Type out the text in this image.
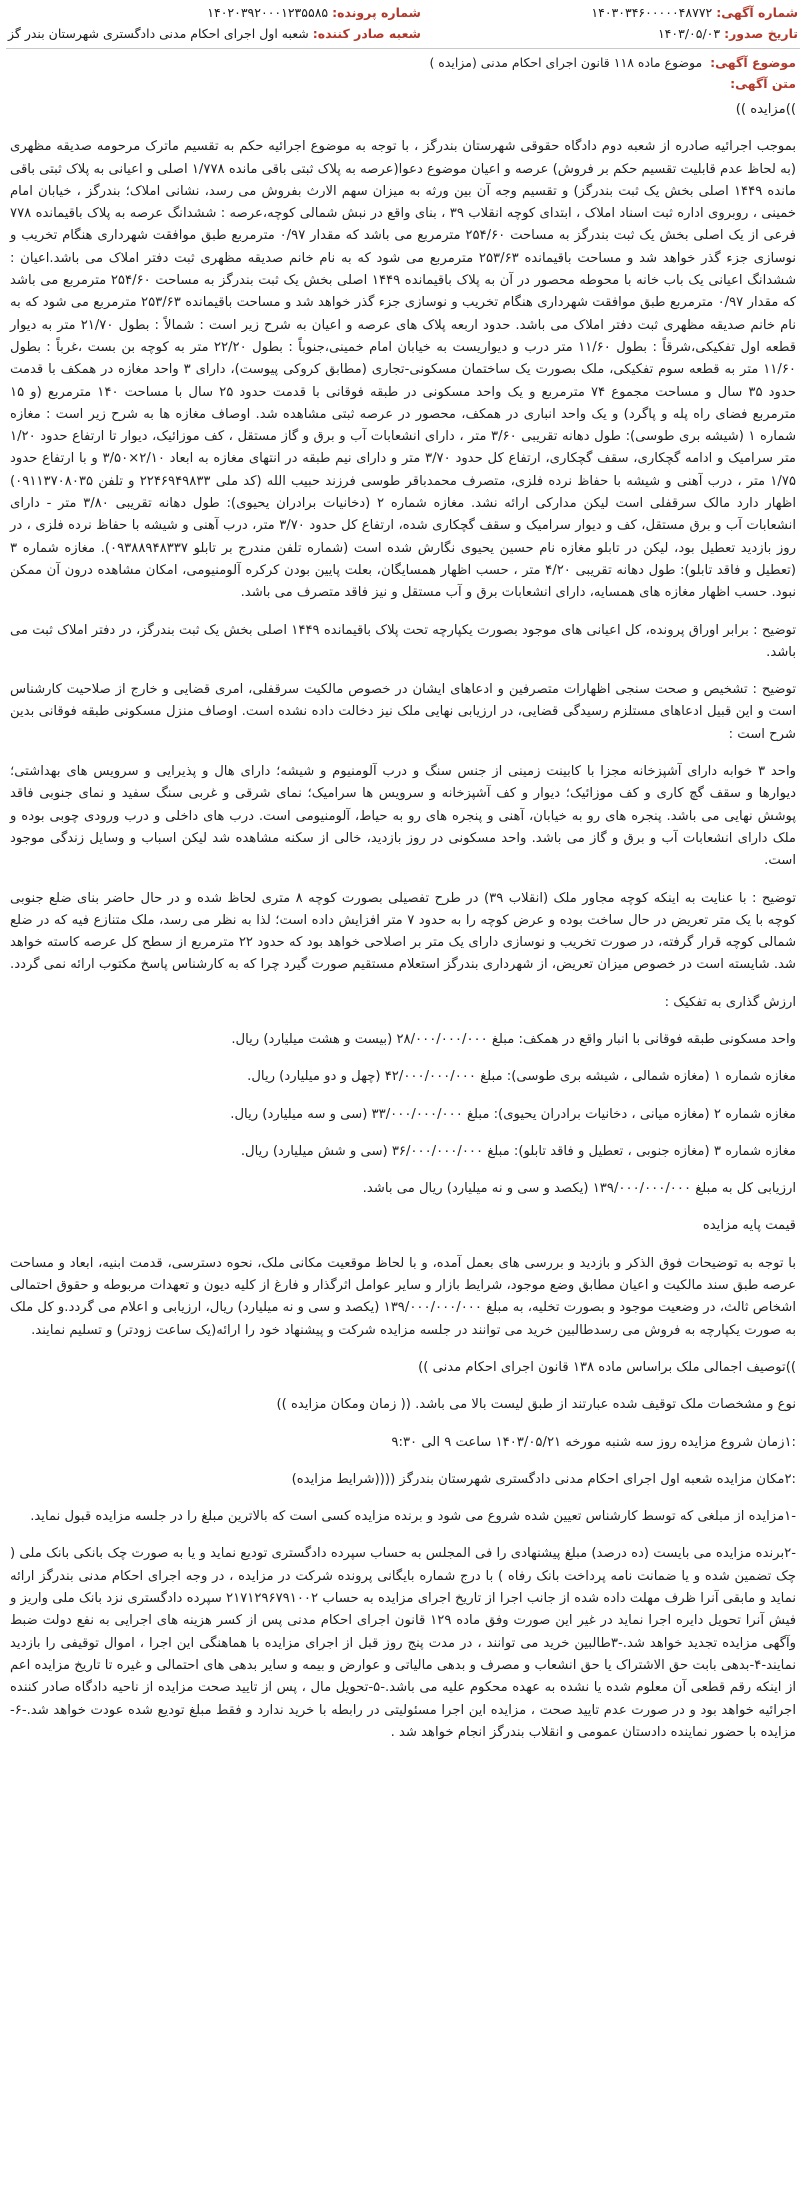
شماره آگهی: ۱۴۰۳۰۳۴۶۰۰۰۰۰۴۸۷۷۲
تاریخ صدور: ۱۴۰۳/۰۵/۰۳
شماره پرونده: ۱۴۰۲۰۳۹۲۰۰۰۱۲۳۵۵۸۵
شعبه صادر کننده: شعبه اول اجرای احکام مدنی دادگستری شهرستان بندر گز
موضوع آگهی: موضوع ماده ۱۱۸ قانون اجرای احکام مدنی (مزایده )
متن آگهی:

))مزایده ))

بموجب اجرائیه صادره از شعبه دوم دادگاه حقوقی شهرستان بندرگز ، با توجه به موضوع اجرائیه حکم به تقسیم ماترک مرحومه صدیقه مظهری (به لحاظ عدم قابلیت تقسیم حکم بر فروش) عرصه و اعیان موضوع دعوا(عرصه به پلاک ثبتی باقی مانده ۱/۷۷۸ اصلی و اعیانی به پلاک ثبتی باقی مانده ۱۴۴۹ اصلی بخش یک ثبت بندرگز) و تقسیم وجه آن بین ورثه به میزان سهم الارث بفروش می رسد، نشانی املاک؛ بندرگز ، خیابان امام خمینی ، روبروی اداره ثبت اسناد املاک ، ابتدای کوچه انقلاب ۳۹ ، بنای واقع در نبش شمالی کوچه،عرصه : ششدانگ عرصه به پلاک باقیمانده ۷۷۸ فرعی از یک اصلی بخش یک ثبت بندرگز به مساحت ۲۵۴/۶۰ مترمربع می باشد که مقدار ۰/۹۷ مترمربع طبق موافقت شهرداری هنگام تخریب و نوسازی جزء گذر خواهد شد و مساحت باقیمانده ۲۵۳/۶۳ مترمربع می شود که به نام خانم صدیقه مظهری ثبت دفتر املاک می باشد.اعیان : ششدانگ اعیانی یک باب خانه با محوطه محصور در آن به پلاک باقیمانده ۱۴۴۹ اصلی بخش یک ثبت بندرگز به مساحت ۲۵۴/۶۰ مترمربع می باشد که مقدار ۰/۹۷ مترمربع طبق موافقت شهرداری هنگام تخریب و نوسازی جزء گذر خواهد شد و مساحت باقیمانده ۲۵۳/۶۳ مترمربع می شود که به نام خانم صدیقه مظهری ثبت دفتر املاک می باشد. حدود اربعه پلاک های عرصه و اعیان به شرح زیر است : شمالاً : بطول ۲۱/۷۰ متر به دیوار قطعه اول تفکیکی،شرقاً : بطول ۱۱/۶۰ متر درب و دیواریست به خیابان امام خمینی،جنوباً : بطول ۲۲/۲۰ متر به کوچه بن بست ،غرباً : بطول ۱۱/۶۰ متر به قطعه سوم تفکیکی، ملک بصورت یک ساختمان مسکونی-تجاری (مطابق کروکی پیوست)، دارای ۳ واحد مغازه در همکف با قدمت حدود ۳۵ سال و مساحت مجموع ۷۴ مترمربع و یک واحد مسکونی در طبقه فوقانی با قدمت حدود ۲۵ سال با مساحت ۱۴۰ مترمربع (و ۱۵ مترمربع فضای راه پله و پاگرد) و یک واحد انباری در همکف، محصور در عرصه ثبتی مشاهده شد. اوصاف مغازه ها به شرح زیر است : مغازه شماره ۱ (شیشه بری طوسی): طول دهانه تقریبی ۳/۶۰ متر ، دارای انشعابات آب و برق و گاز مستقل ، کف موزائیک، دیوار تا ارتفاع حدود ۱/۲۰ متر سرامیک و ادامه گچکاری، سقف گچکاری، ارتفاع کل حدود ۳/۷۰ متر و دارای نیم طبقه در انتهای مغازه به ابعاد ۲/۱۰×۳/۵۰ و با ارتفاع حدود ۱/۷۵ متر ، درب آهنی و شیشه با حفاظ نرده فلزی، متصرف محمدباقر طوسی فرزند حبیب الله (کد ملی ۲۲۴۶۹۴۹۸۳۳ و تلفن ۰۹۱۱۳۷۰۸۰۳۵) اظهار دارد مالک سرقفلی است لیکن مدارکی ارائه نشد. مغازه شماره ۲ (دخانیات برادران یحیوی): طول دهانه تقریبی ۳/۸۰ متر - دارای انشعابات آب و برق مستقل، کف و دیوار سرامیک و سقف گچکاری شده، ارتفاع کل حدود ۳/۷۰ متر، درب آهنی و شیشه با حفاظ نرده فلزی ، در روز بازدید تعطیل بود، لیکن در تابلو مغازه نام حسین یحیوی نگارش شده است (شماره تلفن مندرج بر تابلو ۰۹۳۸۸۹۴۸۳۳۷). مغازه شماره ۳ (تعطیل و فاقد تابلو): طول دهانه تقریبی ۴/۲۰ متر ، حسب اظهار همسایگان، بعلت پایین بودن کرکره آلومنیومی، امکان مشاهده درون آن ممکن نبود. حسب اظهار مغازه های همسایه، دارای انشعابات برق و آب مستقل و نیز فاقد متصرف می باشد.

توضیح : برابر اوراق پرونده، کل اعیانی های موجود بصورت یکپارچه تحت پلاک باقیمانده ۱۴۴۹ اصلی بخش یک ثبت بندرگز، در دفتر املاک ثبت می باشد.

توضیح : تشخیص و صحت سنجی اظهارات متصرفین و ادعاهای ایشان در خصوص مالکیت سرقفلی، امری قضایی و خارج از صلاحیت کارشناس است و این قبیل ادعاهای مستلزم رسیدگی قضایی، در ارزیابی نهایی ملک نیز دخالت داده نشده است. اوصاف منزل مسکونی طبقه فوقانی بدین شرح است :

واحد ۳ خوابه دارای آشپزخانه مجزا با کابینت زمینی از جنس سنگ و درب آلومنیوم و شیشه؛ دارای هال و پذیرایی و سرویس های بهداشتی؛ دیوارها و سقف گچ کاری و کف موزائیک؛ دیوار و کف آشپزخانه و سرویس ها سرامیک؛ نمای شرقی و غربی سنگ سفید و نمای جنوبی فاقد پوشش نهایی می باشد. پنجره های رو به خیابان، آهنی و پنجره های رو به حیاط، آلومنیومی است. درب های داخلی و درب ورودی چوبی بوده و ملک دارای انشعابات آب و برق و گاز می باشد. واحد مسکونی در روز بازدید، خالی از سکنه مشاهده شد لیکن اسباب و وسایل زندگی موجود است.

توضیح : با عنایت به اینکه کوچه مجاور ملک (انقلاب ۳۹) در طرح تفصیلی بصورت کوچه ۸ متری لحاظ شده و در حال حاضر بنای ضلع جنوبی کوچه با یک متر تعریض در حال ساخت بوده و عرض کوچه را به حدود ۷ متر افزایش داده است؛ لذا به نظر می رسد، ملک متنازع فیه که در ضلع شمالی کوچه قرار گرفته، در صورت تخریب و نوسازی دارای یک متر بر اصلاحی خواهد بود که حدود ۲۲ مترمربع از سطح کل عرصه کاسته خواهد شد. شایسته است در خصوص میزان تعریض، از شهرداری بندرگز استعلام مستقیم صورت گیرد چرا که به کارشناس پاسخ مکتوب ارائه نمی گردد.

ارزش گذاری به تفکیک :

واحد مسکونی طبقه فوقانی با انبار واقع در همکف: مبلغ ۲۸/۰۰۰/۰۰۰/۰۰۰ (بیست و هشت میلیارد) ریال.

مغازه شماره ۱ (مغازه شمالی ، شیشه بری طوسی): مبلغ ۴۲/۰۰۰/۰۰۰/۰۰۰ (چهل و دو میلیارد) ریال.

مغازه شماره ۲ (مغازه میانی ، دخانیات برادران یحیوی): مبلغ ۳۳/۰۰۰/۰۰۰/۰۰۰ (سی و سه میلیارد) ریال.

مغازه شماره ۳ (مغازه جنوبی ، تعطیل و فاقد تابلو): مبلغ ۳۶/۰۰۰/۰۰۰/۰۰۰ (سی و شش میلیارد) ریال.

ارزیابی کل به مبلغ ۱۳۹/۰۰۰/۰۰۰/۰۰۰ (یکصد و سی و نه میلیارد) ریال می باشد.

قیمت پایه مزایده

با توجه به توضیحات فوق الذکر و بازدید و بررسی های بعمل آمده، و با لحاظ موقعیت مکانی ملک، نحوه دسترسی، قدمت ابنیه، ابعاد و مساحت عرصه طبق سند مالکیت و اعیان مطابق وضع موجود، شرایط بازار و سایر عوامل اثرگذار و فارغ از کلیه دیون و تعهدات مربوطه و حقوق احتمالی اشخاص ثالث، در وضعیت موجود و بصورت تخلیه، به مبلغ ۱۳۹/۰۰۰/۰۰۰/۰۰۰ (یکصد و سی و نه میلیارد) ریال، ارزیابی و اعلام می گردد.و کل ملک به صورت یکپارچه به فروش می رسدطالبین خرید می توانند در جلسه مزایده شرکت و پیشنهاد خود را ارائه(یک ساعت زودتر) و تسلیم نمایند.

))توصیف اجمالی ملک براساس ماده ۱۳۸ قانون اجرای احکام مدنی ))

نوع و مشخصات ملک توقیف شده عبارتند از طبق لیست بالا می باشد. (( زمان ومکان مزایده ))

:۱زمان شروع مزایده روز سه شنبه مورخه ۱۴۰۳/۰۵/۲۱ ساعت ۹ الی ۹:۳۰

:۲مکان مزایده شعبه اول اجرای احکام مدنی دادگستری شهرستان بندرگز ((((شرایط مزایده)

-۱مزایده از مبلغی که توسط کارشناس تعیین شده شروع می شود و برنده مزایده کسی است که بالاترین مبلغ را در جلسه مزایده قبول نماید.

-۲برنده مزایده می بایست (ده درصد) مبلغ پیشنهادی را فی المجلس به حساب سپرده دادگستری تودیع نماید و یا به صورت چک بانکی بانک ملی ( چک تضمین شده و یا ضمانت نامه پرداخت بانک رفاه ) با درج شماره بایگانی پرونده شرکت در مزایده ، در وجه اجرای احکام مدنی بندرگز ارائه نماید و مابقی آنرا ظرف مهلت داده شده از جانب اجرا از تاریخ اجرای مزایده به حساب ۲۱۷۱۲۹۶۷۹۱۰۰۲ سپرده دادگستری نزد بانک ملی واریز و فیش آنرا تحویل دایره اجرا نماید در غیر این صورت وفق ماده ۱۲۹ قانون اجرای احکام مدنی پس از کسر هزینه های اجرایی به نفع دولت ضبط وآگهی مزایده تجدید خواهد شد.-۳طالبین خرید می توانند ، در مدت پنج روز قبل از اجرای مزایده با هماهنگی این اجرا ، اموال توقیفی را بازدید نمایند-۴-بدهی بابت حق الاشتراک یا حق انشعاب و مصرف و بدهی مالیاتی و عوارض و بیمه و سایر بدهی های احتمالی و غیره تا تاریخ مزایده اعم از اینکه رقم قطعی آن معلوم شده یا نشده به عهده محکوم علیه می باشد.-۵-تحویل مال ، پس از تایید صحت مزایده از ناحیه دادگاه صادر کننده اجرائیه خواهد بود و در صورت عدم تایید صحت ، مزایده این اجرا مسئولیتی در رابطه با خرید ندارد و فقط مبلغ تودیع شده عودت خواهد شد.-۶-مزایده با حضور نماینده دادستان عمومی و انقلاب بندرگز انجام خواهد شد .
